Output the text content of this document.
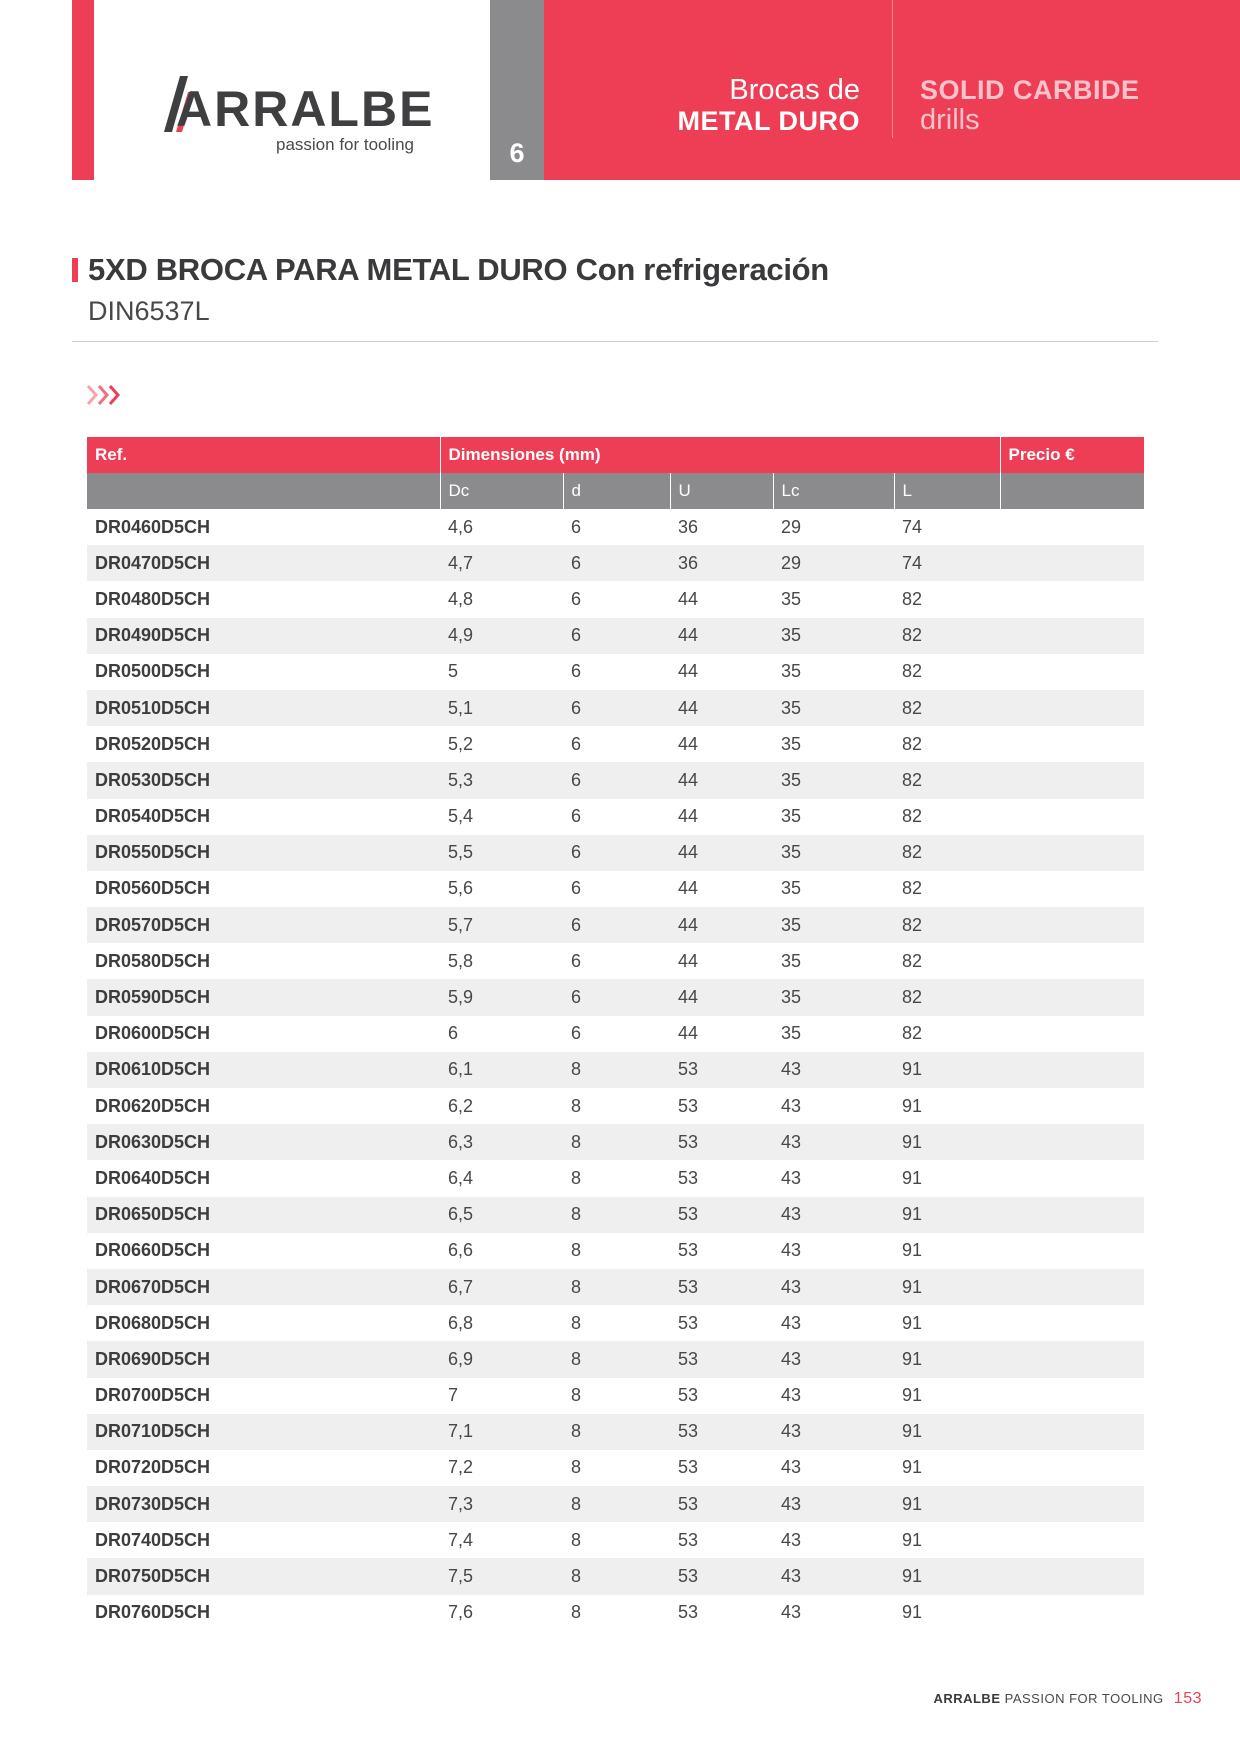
ARRALBE
passion for tooling	6
Brocas de
METAL DURO
SOLID CARBIDE
drills
5XD BROCA PARA METAL DURO Con refrigeración
DIN6537L
Ref.	Dimensiones (mm)					Precio €
	Dc	d	U	Lc	L	
DR0460D5CH	4,6	6	36	29	74	
DR0470D5CH	4,7	6	36	29	74	
DR0480D5CH	4,8	6	44	35	82	
DR0490D5CH	4,9	6	44	35	82	
DR0500D5CH	5	6	44	35	82	
DR0510D5CH	5,1	6	44	35	82	
DR0520D5CH	5,2	6	44	35	82	
DR0530D5CH	5,3	6	44	35	82	
DR0540D5CH	5,4	6	44	35	82	
DR0550D5CH	5,5	6	44	35	82	
DR0560D5CH	5,6	6	44	35	82	
DR0570D5CH	5,7	6	44	35	82	
DR0580D5CH	5,8	6	44	35	82	
DR0590D5CH	5,9	6	44	35	82	
DR0600D5CH	6	6	44	35	82	
DR0610D5CH	6,1	8	53	43	91	
DR0620D5CH	6,2	8	53	43	91	
DR0630D5CH	6,3	8	53	43	91	
DR0640D5CH	6,4	8	53	43	91	
DR0650D5CH	6,5	8	53	43	91	
DR0660D5CH	6,6	8	53	43	91	
DR0670D5CH	6,7	8	53	43	91	
DR0680D5CH	6,8	8	53	43	91	
DR0690D5CH	6,9	8	53	43	91	
DR0700D5CH	7	8	53	43	91	
DR0710D5CH	7,1	8	53	43	91	
DR0720D5CH	7,2	8	53	43	91	
DR0730D5CH	7,3	8	53	43	91	
DR0740D5CH	7,4	8	53	43	91	
DR0750D5CH	7,5	8	53	43	91	
DR0760D5CH	7,6	8	53	43	91	
ARRALBE PASSION FOR TOOLING 153
